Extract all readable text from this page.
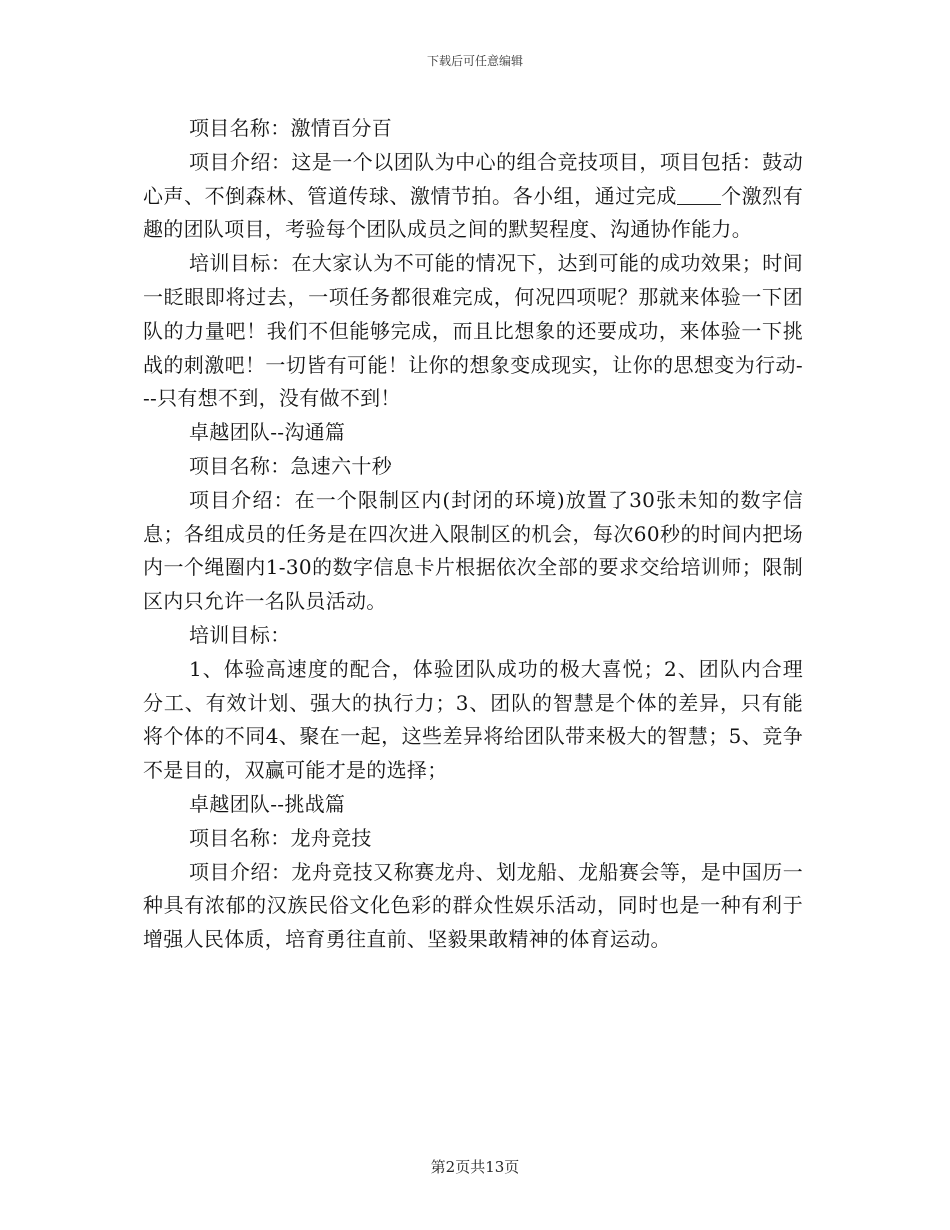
下载后可任意编辑

项目名称：激情百分百

项目介绍：这是一个以团队为中心的组合竞技项目，项目包括：鼓动心声、不倒森林、管道传球、激情节拍。各小组，通过完成 个激烈有趣的团队项目，考验每个团队成员之间的默契程度、沟通协作能力。

培训目标：在大家认为不可能的情况下，达到可能的成功效果；时间一眨眼即将过去，一项任务都很难完成，何况四项呢？那就来体验一下团队的力量吧！我们不但能够完成，而且比想象的还要成功，来体验一下挑战的刺激吧！一切皆有可能！让你的想象变成现实，让你的思想变为行动---只有想不到，没有做不到！

卓越团队--沟通篇

项目名称：急速六十秒

项目介绍：在一个限制区内(封闭的环境)放置了30张未知的数字信息；各组成员的任务是在四次进入限制区的机会，每次60秒的时间内把场内一个绳圈内1-30的数字信息卡片根据依次全部的要求交给培训师；限制区内只允许一名队员活动。

培训目标：

1、体验高速度的配合，体验团队成功的极大喜悦；2、团队内合理分工、有效计划、强大的执行力；3、团队的智慧是个体的差异，只有能将个体的不同4、聚在一起，这些差异将给团队带来极大的智慧；5、竞争不是目的，双赢可能才是的选择；

卓越团队--挑战篇

项目名称：龙舟竞技

项目介绍：龙舟竞技又称赛龙舟、划龙船、龙船赛会等，是中国历一种具有浓郁的汉族民俗文化色彩的群众性娱乐活动，同时也是一种有利于增强人民体质，培育勇往直前、坚毅果敢精神的体育运动。

第2页共13页
